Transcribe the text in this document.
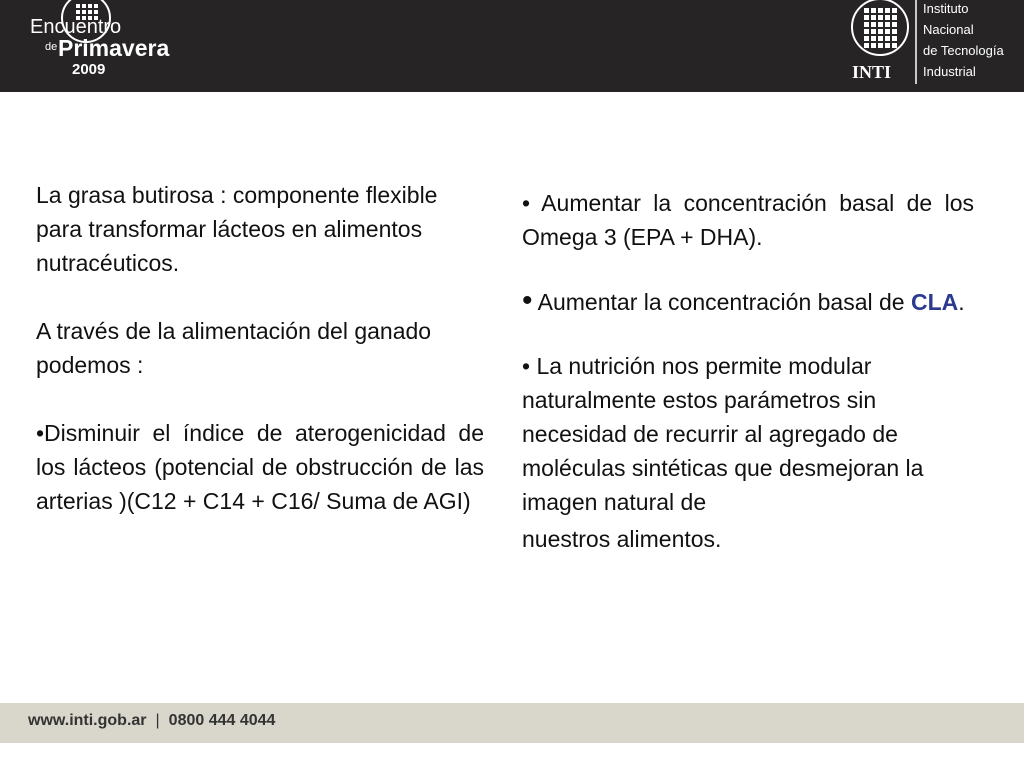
Encuentro
de Primavera
2009	INTI
Instituto
Nacional
de Tecnología
Industrial

La grasa butirosa : componente flexible para transformar lácteos en alimentos nutracéuticos.

A través de la alimentación del ganado podemos :

•Disminuir el índice de aterogenicidad de los lácteos (potencial de obstrucción de las arterias )(C12 + C14 + C16/ Suma de AGI)

• Aumentar la concentración basal de los Omega 3 (EPA + DHA).

• Aumentar la concentración basal de CLA.

• La nutrición nos permite modular naturalmente estos parámetros sin necesidad de recurrir al agregado de moléculas sintéticas que desmejoran la imagen natural de
nuestros alimentos.

www.inti.gob.ar | 0800 444 4044
